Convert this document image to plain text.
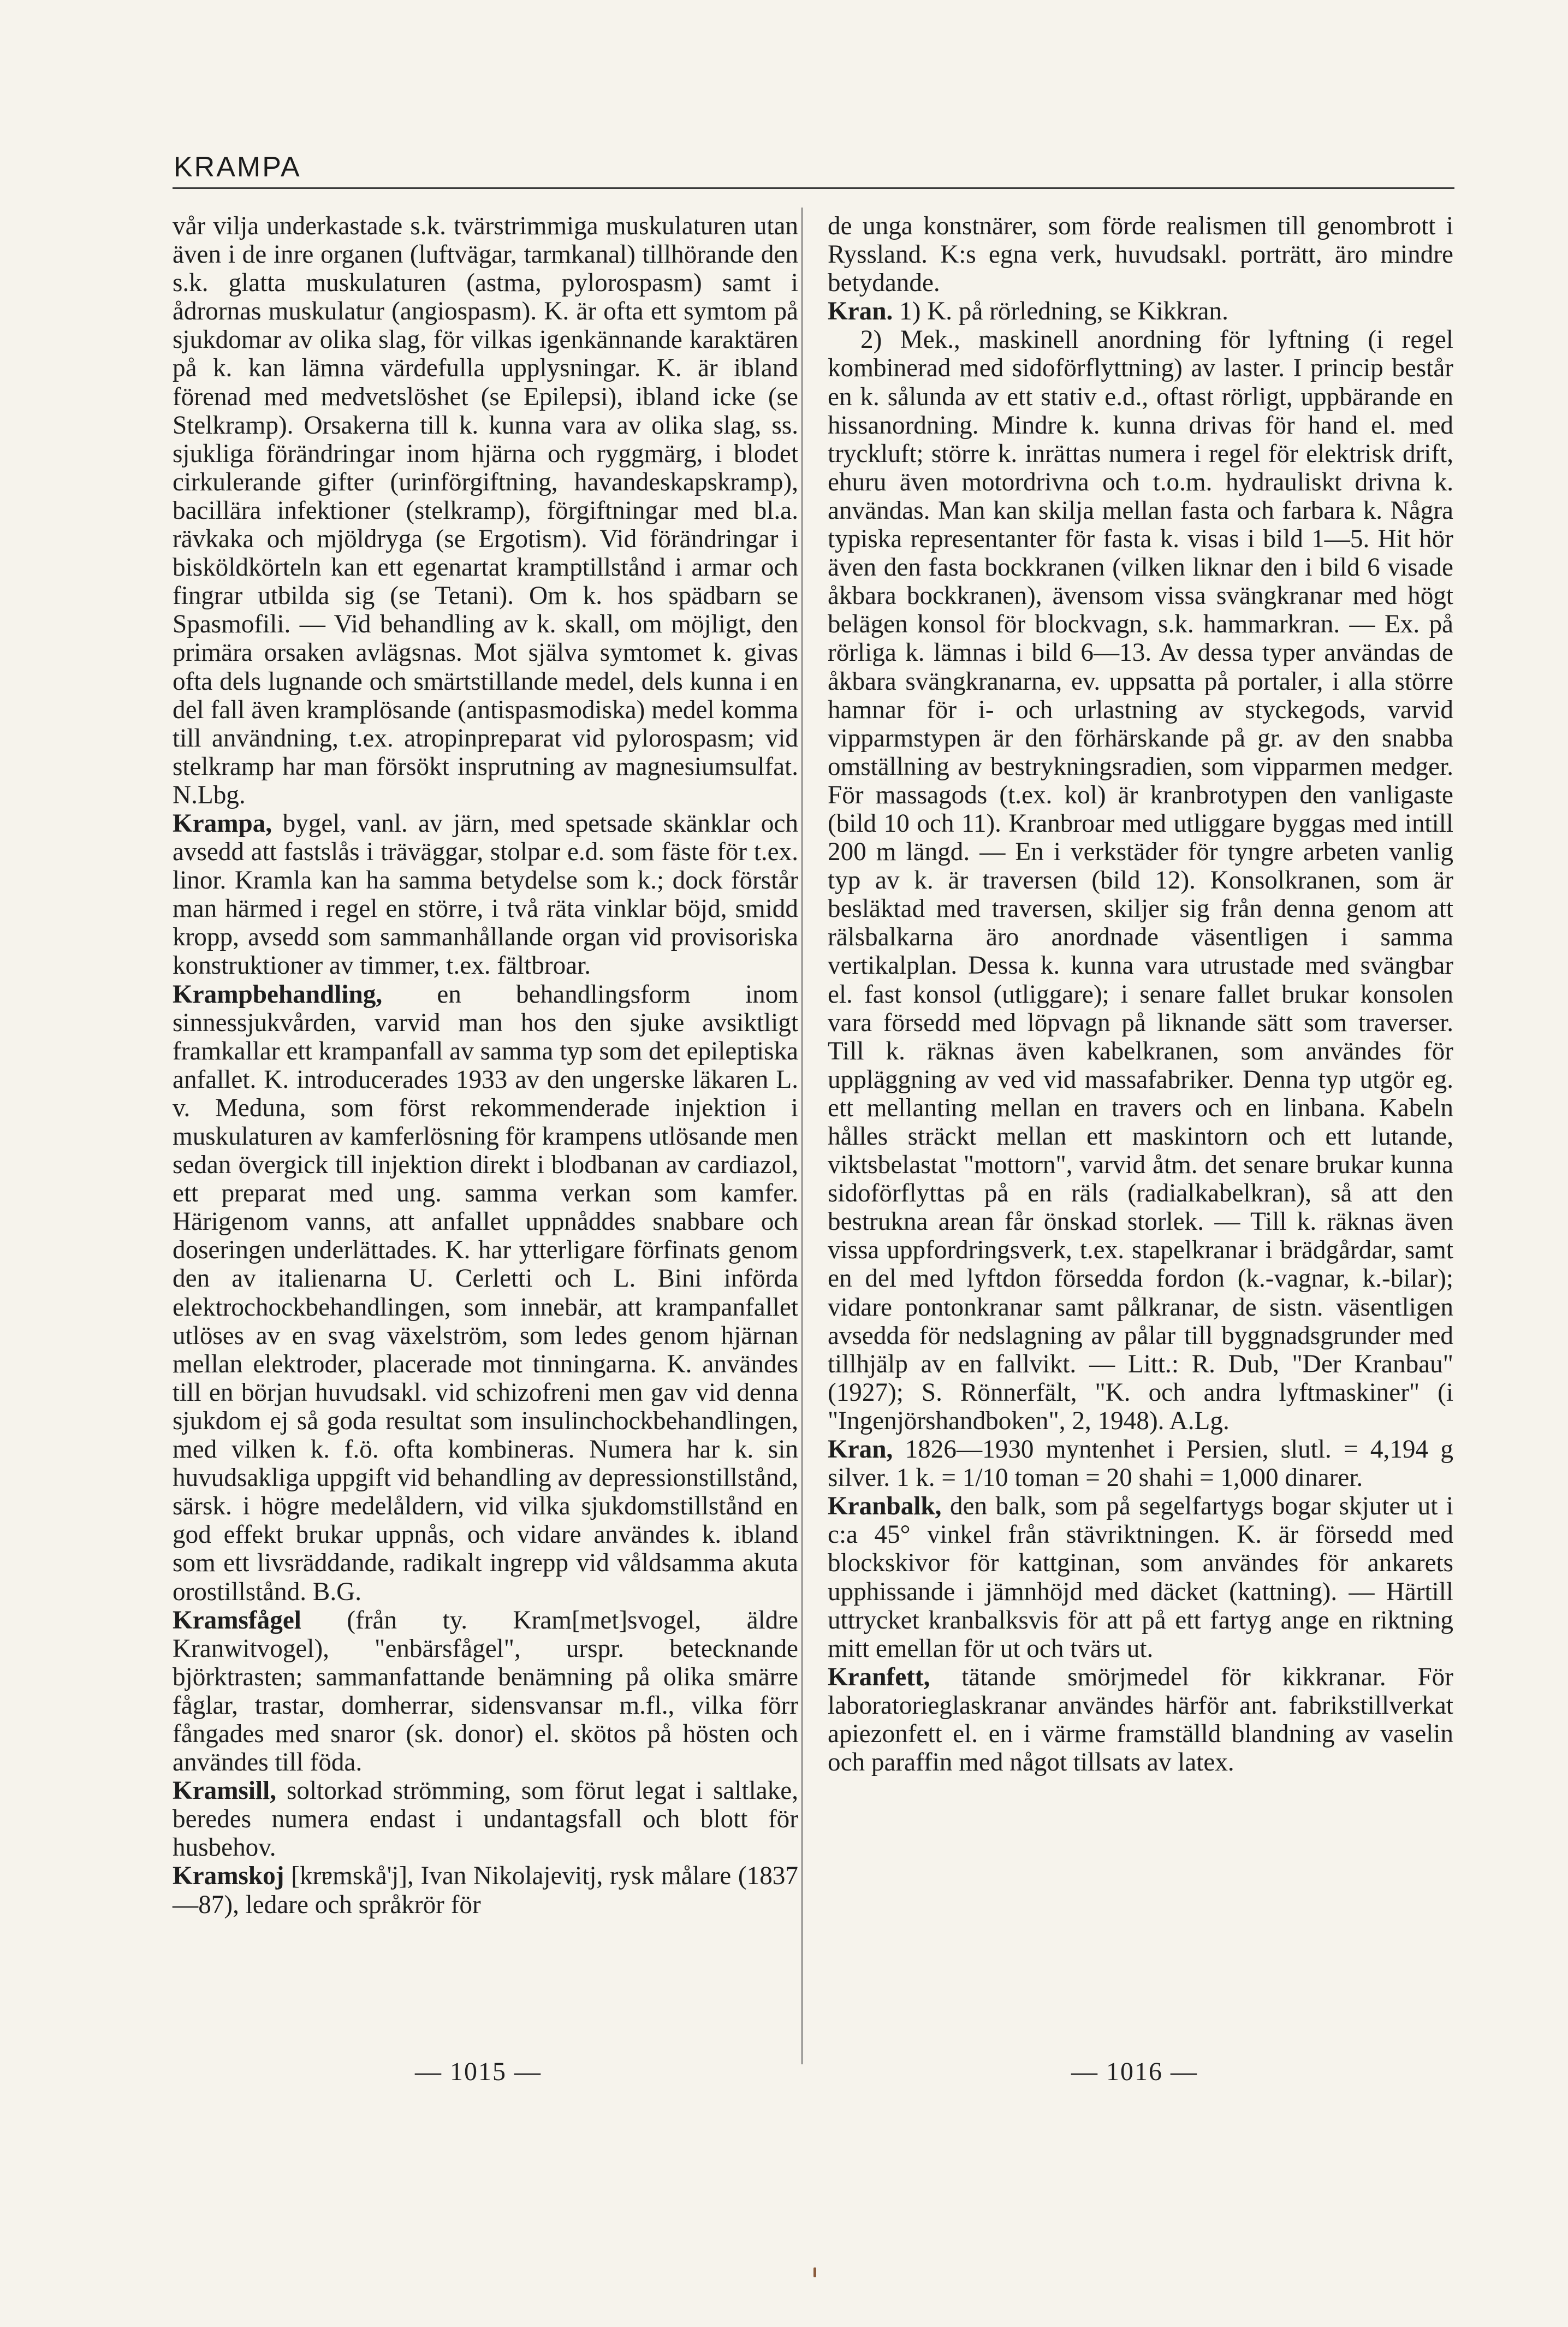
KRAMPA

vår vilja underkastade s.k. tvärstrimmiga muskulaturen utan även i de inre organen (luftvägar, tarmkanal) tillhörande den s.k. glatta muskulaturen (astma, pylorospasm) samt i ådrornas muskulatur (angiospasm). K. är ofta ett symtom på sjukdomar av olika slag, för vilkas igenkännande karaktären på k. kan lämna värdefulla upplysningar. K. är ibland förenad med medvetslöshet (se Epilepsi), ibland icke (se Stelkramp). Orsakerna till k. kunna vara av olika slag, ss. sjukliga förändringar inom hjärna och ryggmärg, i blodet cirkulerande gifter (urinförgiftning, havandeskapskramp), bacillära infektioner (stelkramp), förgiftningar med bl.a. rävkaka och mjöldryga (se Ergotism). Vid förändringar i bisköldkörteln kan ett egenartat kramptillstånd i armar och fingrar utbilda sig (se Tetani). Om k. hos spädbarn se Spasmofili. — Vid behandling av k. skall, om möjligt, den primära orsaken avlägsnas. Mot själva symtomet k. givas ofta dels lugnande och smärtstillande medel, dels kunna i en del fall även kramplösande (antispasmodiska) medel komma till användning, t.ex. atropinpreparat vid pylorospasm; vid stelkramp har man försökt insprutning av magnesiumsulfat. N.Lbg.

Krampa, bygel, vanl. av järn, med spetsade skänklar och avsedd att fastslås i träväggar, stolpar e.d. som fäste för t.ex. linor. Kramla kan ha samma betydelse som k.; dock förstår man härmed i regel en större, i två räta vinklar böjd, smidd kropp, avsedd som sammanhållande organ vid provisoriska konstruktioner av timmer, t.ex. fältbroar.

Krampbehandling, en behandlingsform inom sinnessjukvården, varvid man hos den sjuke avsiktligt framkallar ett krampanfall av samma typ som det epileptiska anfallet. K. introducerades 1933 av den ungerske läkaren L. v. Meduna, som först rekommenderade injektion i muskulaturen av kamferlösning för krampens utlösande men sedan övergick till injektion direkt i blodbanan av cardiazol, ett preparat med ung. samma verkan som kamfer. Härigenom vanns, att anfallet uppnåddes snabbare och doseringen underlättades. K. har ytterligare förfinats genom den av italienarna U. Cerletti och L. Bini införda elektrochockbehandlingen, som innebär, att krampanfallet utlöses av en svag växelström, som ledes genom hjärnan mellan elektroder, placerade mot tinningarna. K. användes till en början huvudsakl. vid schizofreni men gav vid denna sjukdom ej så goda resultat som insulinchockbehandlingen, med vilken k. f.ö. ofta kombineras. Numera har k. sin huvudsakliga uppgift vid behandling av depressionstillstånd, särsk. i högre medelåldern, vid vilka sjukdomstillstånd en god effekt brukar uppnås, och vidare användes k. ibland som ett livsräddande, radikalt ingrepp vid våldsamma akuta orostillstånd. B.G.

Kramsfågel (från ty. Kram[met]svogel, äldre Kranwitvogel), "enbärsfågel", urspr. betecknande björktrasten; sammanfattande benämning på olika smärre fåglar, trastar, domherrar, sidensvansar m.fl., vilka förr fångades med snaror (sk. donor) el. skötos på hösten och användes till föda.

Kramsill, soltorkad strömming, som förut legat i saltlake, beredes numera endast i undantagsfall och blott för husbehov.

Kramskoj [krɐmskå'j], Ivan Nikolajevitj, rysk målare (1837—87), ledare och språkrör för

de unga konstnärer, som förde realismen till genombrott i Ryssland. K:s egna verk, huvudsakl. porträtt, äro mindre betydande.

Kran. 1) K. på rörledning, se Kikkran.

2) Mek., maskinell anordning för lyftning (i regel kombinerad med sidoförflyttning) av laster. I princip består en k. sålunda av ett stativ e.d., oftast rörligt, uppbärande en hissanordning. Mindre k. kunna drivas för hand el. med tryckluft; större k. inrättas numera i regel för elektrisk drift, ehuru även motordrivna och t.o.m. hydrauliskt drivna k. användas. Man kan skilja mellan fasta och farbara k. Några typiska representanter för fasta k. visas i bild 1—5. Hit hör även den fasta bockkranen (vilken liknar den i bild 6 visade åkbara bockkranen), ävensom vissa svängkranar med högt belägen konsol för blockvagn, s.k. hammarkran. — Ex. på rörliga k. lämnas i bild 6—13. Av dessa typer användas de åkbara svängkranarna, ev. uppsatta på portaler, i alla större hamnar för i- och urlastning av styckegods, varvid vipparmstypen är den förhärskande på gr. av den snabba omställning av bestrykningsradien, som vipparmen medger. För massagods (t.ex. kol) är kranbrotypen den vanligaste (bild 10 och 11). Kranbroar med utliggare byggas med intill 200 m längd. — En i verkstäder för tyngre arbeten vanlig typ av k. är traversen (bild 12). Konsolkranen, som är besläktad med traversen, skiljer sig från denna genom att rälsbalkarna äro anordnade väsentligen i samma vertikalplan. Dessa k. kunna vara utrustade med svängbar el. fast konsol (utliggare); i senare fallet brukar konsolen vara försedd med löpvagn på liknande sätt som traverser. Till k. räknas även kabelkranen, som användes för uppläggning av ved vid massafabriker. Denna typ utgör eg. ett mellanting mellan en travers och en linbana. Kabeln hålles sträckt mellan ett maskintorn och ett lutande, viktsbelastat "mottorn", varvid åtm. det senare brukar kunna sidoförflyttas på en räls (radialkabelkran), så att den bestrukna arean får önskad storlek. — Till k. räknas även vissa uppfordringsverk, t.ex. stapelkranar i brädgårdar, samt en del med lyftdon försedda fordon (k.-vagnar, k.-bilar); vidare pontonkranar samt pålkranar, de sistn. väsentligen avsedda för nedslagning av pålar till byggnadsgrunder med tillhjälp av en fallvikt. — Litt.: R. Dub, "Der Kranbau" (1927); S. Rönnerfält, "K. och andra lyftmaskiner" (i "Ingenjörshandboken", 2, 1948). A.Lg.

Kran, 1826—1930 myntenhet i Persien, slutl. = 4,194 g silver. 1 k. = 1/10 toman = 20 shahi = 1,000 dinarer.

Kranbalk, den balk, som på segelfartygs bogar skjuter ut i c:a 45° vinkel från stävriktningen. K. är försedd med blockskivor för kattginan, som användes för ankarets upphissande i jämnhöjd med däcket (kattning). — Härtill uttrycket kranbalksvis för att på ett fartyg ange en riktning mitt emellan för ut och tvärs ut.

Kranfett, tätande smörjmedel för kikkranar. För laboratorieglaskranar användes härför ant. fabrikstillverkat apiezonfett el. en i värme framställd blandning av vaselin och paraffin med något tillsats av latex.

— 1015 —	— 1016 —
